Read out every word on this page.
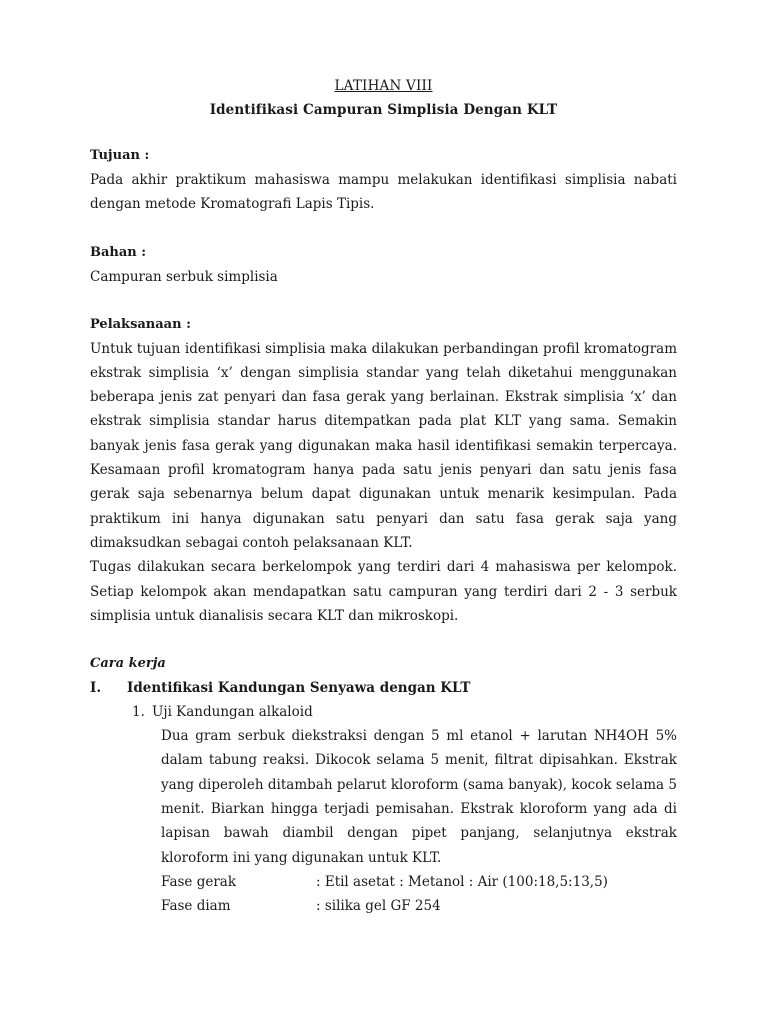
LATIHAN VIII
Identifikasi Campuran Simplisia Dengan KLT
Tujuan :
Pada akhir praktikum mahasiswa mampu melakukan identifikasi simplisia nabati dengan metode Kromatografi Lapis Tipis.
Bahan :
Campuran serbuk simplisia
Pelaksanaan :
Untuk tujuan identifikasi simplisia maka dilakukan perbandingan profil kromatogram ekstrak simplisia ‘x’ dengan simplisia standar yang telah diketahui menggunakan beberapa jenis zat penyari dan fasa gerak yang berlainan. Ekstrak simplisia ‘x’ dan ekstrak simplisia standar harus ditempatkan pada plat KLT yang sama. Semakin banyak jenis fasa gerak yang digunakan maka hasil identifikasi semakin terpercaya. Kesamaan profil kromatogram hanya pada satu jenis penyari dan satu jenis fasa gerak saja sebenarnya belum dapat digunakan untuk menarik kesimpulan. Pada praktikum ini hanya digunakan satu penyari dan satu fasa gerak saja yang dimaksudkan sebagai contoh pelaksanaan KLT.
Tugas dilakukan secara berkelompok yang terdiri dari 4 mahasiswa per kelompok. Setiap kelompok akan mendapatkan satu campuran yang terdiri dari 2 - 3 serbuk simplisia untuk dianalisis secara KLT dan mikroskopi.
Cara kerja
I.	Identifikasi Kandungan Senyawa dengan KLT
1. Uji Kandungan alkaloid
Dua gram serbuk diekstraksi dengan 5 ml etanol + larutan NH4OH 5% dalam tabung reaksi. Dikocok selama 5 menit, filtrat dipisahkan. Ekstrak yang diperoleh ditambah pelarut kloroform (sama banyak), kocok selama 5 menit. Biarkan hingga terjadi pemisahan. Ekstrak kloroform yang ada di lapisan bawah diambil dengan pipet panjang, selanjutnya ekstrak kloroform ini yang digunakan untuk KLT.
Fase gerak	: Etil asetat : Metanol : Air (100:18,5:13,5)
Fase diam	: silika gel GF 254
